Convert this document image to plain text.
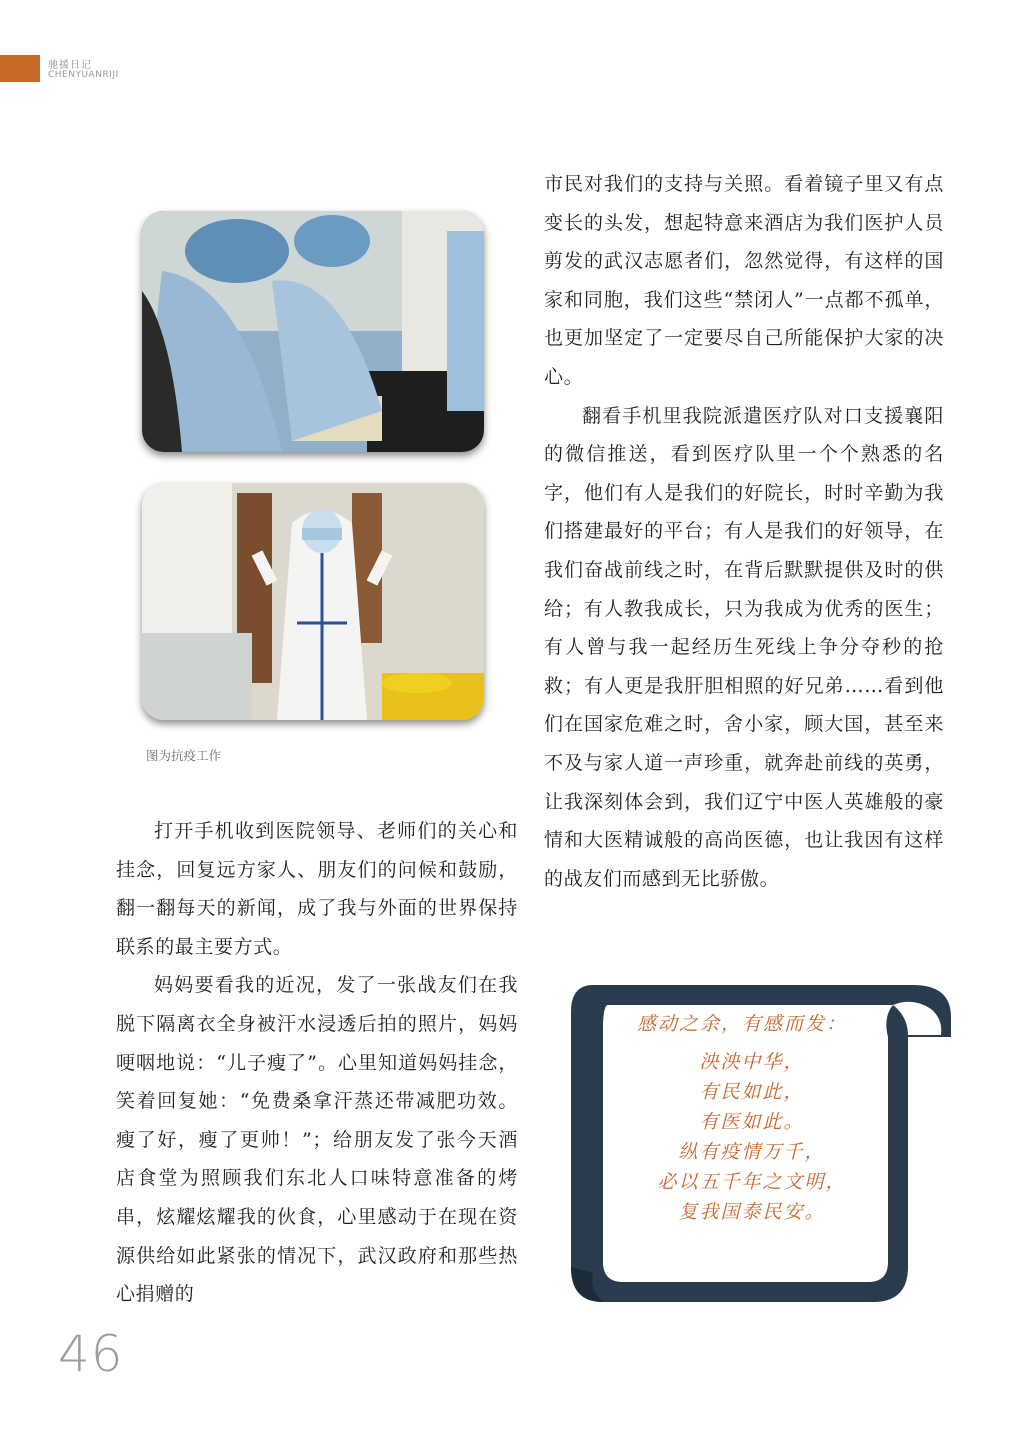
驰援日记
CHENYUANRIJI
图为抗疫工作

打开手机收到医院领导、老师们的关心和挂念，回复远方家人、朋友们的问候和鼓励，翻一翻每天的新闻，成了我与外面的世界保持联系的最主要方式。

妈妈要看我的近况，发了一张战友们在我脱下隔离衣全身被汗水浸透后拍的照片，妈妈哽咽地说：“儿子瘦了”。心里知道妈妈挂念，笑着回复她：“免费桑拿汗蒸还带减肥功效。瘦了好，瘦了更帅！”；给朋友发了张今天酒店食堂为照顾我们东北人口味特意准备的烤串，炫耀炫耀我的伙食，心里感动于在现在资源供给如此紧张的情况下，武汉政府和那些热心捐赠的

市民对我们的支持与关照。看着镜子里又有点变长的头发，想起特意来酒店为我们医护人员剪发的武汉志愿者们，忽然觉得，有这样的国家和同胞，我们这些“禁闭人”一点都不孤单，也更加坚定了一定要尽自己所能保护大家的决心。

翻看手机里我院派遣医疗队对口支援襄阳的微信推送，看到医疗队里一个个熟悉的名字，他们有人是我们的好院长，时时辛勤为我们搭建最好的平台；有人是我们的好领导，在我们奋战前线之时，在背后默默提供及时的供给；有人教我成长，只为我成为优秀的医生；有人曾与我一起经历生死线上争分夺秒的抢救；有人更是我肝胆相照的好兄弟……看到他们在国家危难之时，舍小家，顾大国，甚至来不及与家人道一声珍重，就奔赴前线的英勇，让我深刻体会到，我们辽宁中医人英雄般的豪情和大医精诚般的高尚医德，也让我因有这样的战友们而感到无比骄傲。

感动之余，有感而发：
泱泱中华，
有民如此，
有医如此。
纵有疫情万千，
必以五千年之文明，
复我国泰民安。
46
